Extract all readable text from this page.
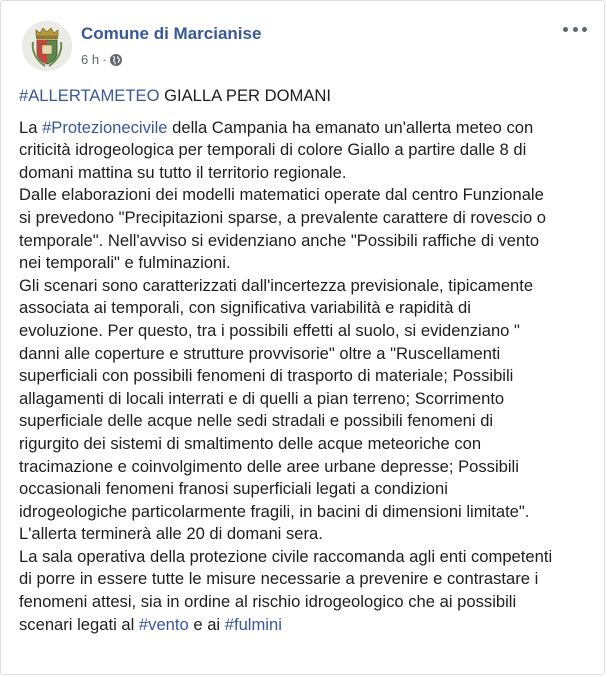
Comune di Marcianise
6 h ·
#ALLERTAMETEO GIALLA PER DOMANI
La #Protezionecivile della Campania ha emanato un'allerta meteo con
criticità idrogeologica per temporali di colore Giallo a partire dalle 8 di
domani mattina su tutto il territorio regionale.
Dalle elaborazioni dei modelli matematici operate dal centro Funzionale
si prevedono "Precipitazioni sparse, a prevalente carattere di rovescio o
temporale". Nell'avviso si evidenziano anche "Possibili raffiche di vento
nei temporali" e fulminazioni.
Gli scenari sono caratterizzati dall'incertezza previsionale, tipicamente
associata ai temporali, con significativa variabilità e rapidità di
evoluzione. Per questo, tra i possibili effetti al suolo, si evidenziano "
danni alle coperture e strutture provvisorie" oltre a "Ruscellamenti
superficiali con possibili fenomeni di trasporto di materiale; Possibili
allagamenti di locali interrati e di quelli a pian terreno; Scorrimento
superficiale delle acque nelle sedi stradali e possibili fenomeni di
rigurgito dei sistemi di smaltimento delle acque meteoriche con
tracimazione e coinvolgimento delle aree urbane depresse; Possibili
occasionali fenomeni franosi superficiali legati a condizioni
idrogeologiche particolarmente fragili, in bacini di dimensioni limitate".
L'allerta terminerà alle 20 di domani sera.
La sala operativa della protezione civile raccomanda agli enti competenti
di porre in essere tutte le misure necessarie a prevenire e contrastare i
fenomeni attesi, sia in ordine al rischio idrogeologico che ai possibili
scenari legati al #vento e ai #fulmini
